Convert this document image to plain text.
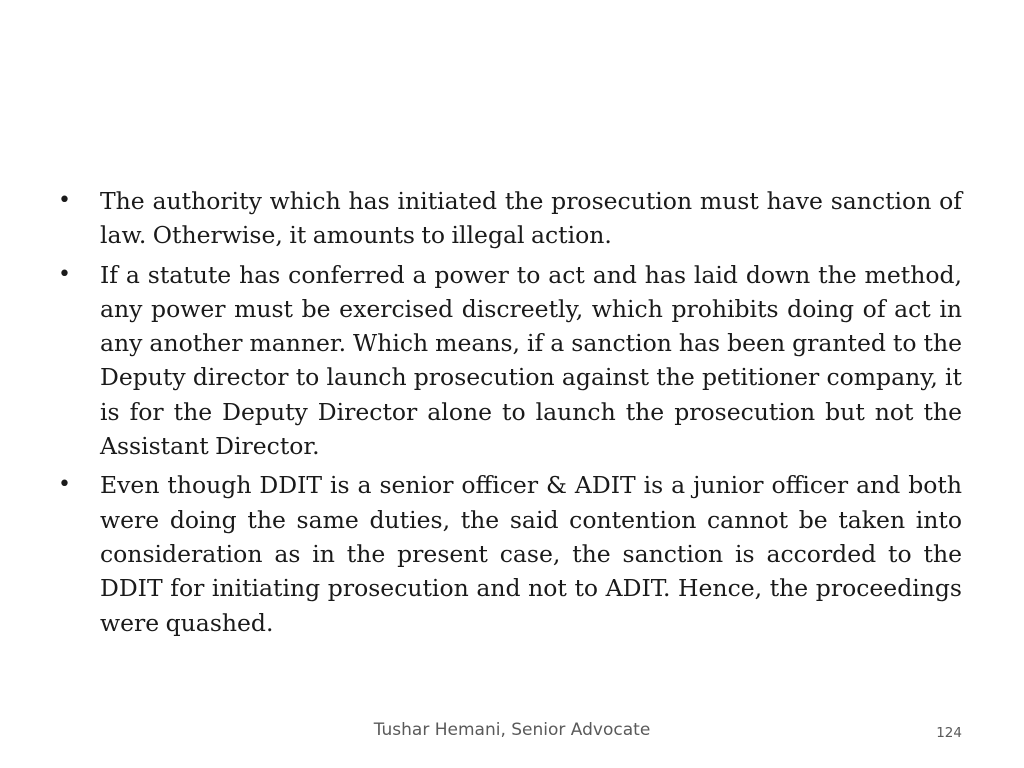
• The authority which has initiated the prosecution must have sanction of law. Otherwise, it amounts to illegal action.
• If a statute has conferred a power to act and has laid down the method, any power must be exercised discreetly, which prohibits doing of act in any another manner. Which means, if a sanction has been granted to the Deputy director to launch prosecution against the petitioner company, it is for the Deputy Director alone to launch the prosecution but not the Assistant Director.
• Even though DDIT is a senior officer & ADIT is a junior officer and both were doing the same duties, the said contention cannot be taken into consideration as in the present case, the sanction is accorded to the DDIT for initiating prosecution and not to ADIT. Hence, the proceedings were quashed.
Tushar Hemani, Senior Advocate	124
